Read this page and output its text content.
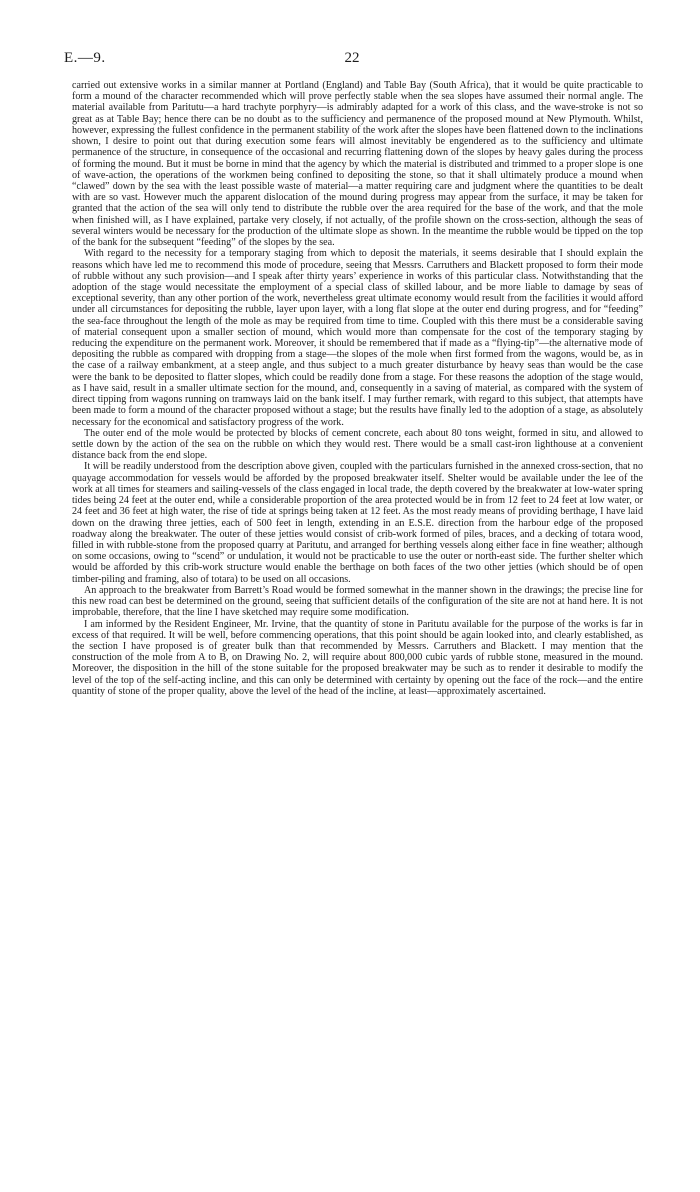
E.—9.	22

carried out extensive works in a similar manner at Portland (England) and Table Bay (South Africa), that it would be quite practicable to form a mound of the character recommended which will prove perfectly stable when the sea slopes have assumed their normal angle. The material available from Paritutu—a hard trachyte porphyry—is admirably adapted for a work of this class, and the wave-stroke is not so great as at Table Bay; hence there can be no doubt as to the sufficiency and permanence of the proposed mound at New Plymouth. Whilst, however, expressing the fullest confidence in the permanent stability of the work after the slopes have been flattened down to the inclinations shown, I desire to point out that during execution some fears will almost inevitably be engendered as to the sufficiency and ultimate permanence of the structure, in consequence of the occasional and recurring flattening down of the slopes by heavy gales during the process of forming the mound. But it must be borne in mind that the agency by which the material is distributed and trimmed to a proper slope is one of wave-action, the operations of the workmen being confined to depositing the stone, so that it shall ultimately produce a mound when “clawed” down by the sea with the least possible waste of material—a matter requiring care and judgment where the quantities to be dealt with are so vast. However much the apparent dislocation of the mound during progress may appear from the surface, it may be taken for granted that the action of the sea will only tend to distribute the rubble over the area required for the base of the work, and that the mole when finished will, as I have explained, partake very closely, if not actually, of the profile shown on the cross-section, although the seas of several winters would be necessary for the production of the ultimate slope as shown. In the meantime the rubble would be tipped on the top of the bank for the subsequent “feeding” of the slopes by the sea.

With regard to the necessity for a temporary staging from which to deposit the materials, it seems desirable that I should explain the reasons which have led me to recommend this mode of procedure, seeing that Messrs. Carruthers and Blackett proposed to form their mode of rubble without any such provision—and I speak after thirty years’ experience in works of this particular class. Notwithstanding that the adoption of the stage would necessitate the employment of a special class of skilled labour, and be more liable to damage by seas of exceptional severity, than any other portion of the work, nevertheless great ultimate economy would result from the facilities it would afford under all circumstances for depositing the rubble, layer upon layer, with a long flat slope at the outer end during progress, and for “feeding” the sea-face throughout the length of the mole as may be required from time to time. Coupled with this there must be a considerable saving of material consequent upon a smaller section of mound, which would more than compensate for the cost of the temporary staging by reducing the expenditure on the permanent work. Moreover, it should be remembered that if made as a “flying-tip”—the alternative mode of depositing the rubble as compared with dropping from a stage—the slopes of the mole when first formed from the wagons, would be, as in the case of a railway embankment, at a steep angle, and thus subject to a much greater disturbance by heavy seas than would be the case were the bank to be deposited to flatter slopes, which could be readily done from a stage. For these reasons the adoption of the stage would, as I have said, result in a smaller ultimate section for the mound, and, consequently in a saving of material, as compared with the system of direct tipping from wagons running on tramways laid on the bank itself. I may further remark, with regard to this subject, that attempts have been made to form a mound of the character proposed without a stage; but the results have finally led to the adoption of a stage, as absolutely necessary for the economical and satisfactory progress of the work.

The outer end of the mole would be protected by blocks of cement concrete, each about 80 tons weight, formed in situ, and allowed to settle down by the action of the sea on the rubble on which they would rest. There would be a small cast-iron lighthouse at a convenient distance back from the end slope.

It will be readily understood from the description above given, coupled with the particulars furnished in the annexed cross-section, that no quayage accommodation for vessels would be afforded by the proposed breakwater itself. Shelter would be available under the lee of the work at all times for steamers and sailing-vessels of the class engaged in local trade, the depth covered by the breakwater at low-water spring tides being 24 feet at the outer end, while a considerable proportion of the area protected would be in from 12 feet to 24 feet at low water, or 24 feet and 36 feet at high water, the rise of tide at springs being taken at 12 feet. As the most ready means of providing berthage, I have laid down on the drawing three jetties, each of 500 feet in length, extending in an E.S.E. direction from the harbour edge of the proposed roadway along the breakwater. The outer of these jetties would consist of crib-work formed of piles, braces, and a decking of totara wood, filled in with rubble-stone from the proposed quarry at Paritutu, and arranged for berthing vessels along either face in fine weather; although on some occasions, owing to “scend” or undulation, it would not be practicable to use the outer or north-east side. The further shelter which would be afforded by this crib-work structure would enable the berthage on both faces of the two other jetties (which should be of open timber-piling and framing, also of totara) to be used on all occasions.

An approach to the breakwater from Barrett’s Road would be formed somewhat in the manner shown in the drawings; the precise line for this new road can best be determined on the ground, seeing that sufficient details of the configuration of the site are not at hand here. It is not improbable, therefore, that the line I have sketched may require some modification.

I am informed by the Resident Engineer, Mr. Irvine, that the quantity of stone in Paritutu available for the purpose of the works is far in excess of that required. It will be well, before commencing operations, that this point should be again looked into, and clearly established, as the section I have proposed is of greater bulk than that recommended by Messrs. Carruthers and Blackett. I may mention that the construction of the mole from A to B, on Drawing No. 2, will require about 800,000 cubic yards of rubble stone, measured in the mound. Moreover, the disposition in the hill of the stone suitable for the proposed breakwater may be such as to render it desirable to modify the level of the top of the self-acting incline, and this can only be determined with certainty by opening out the face of the rock—and the entire quantity of stone of the proper quality, above the level of the head of the incline, at least—approximately ascertained.
